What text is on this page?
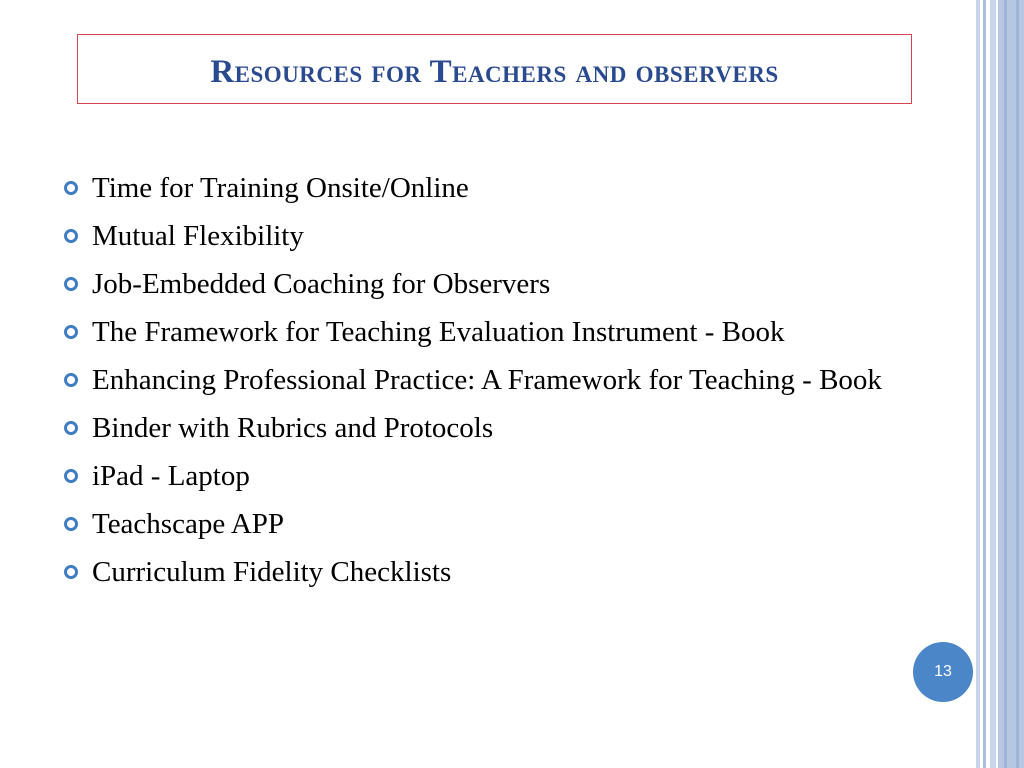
Resources for Teachers and observers
Time for Training Onsite/Online
Mutual Flexibility
Job-Embedded Coaching for Observers
The Framework for Teaching Evaluation Instrument - Book
Enhancing Professional Practice: A Framework for Teaching - Book
Binder with Rubrics and Protocols
iPad - Laptop
Teachscape APP
Curriculum Fidelity Checklists
13
